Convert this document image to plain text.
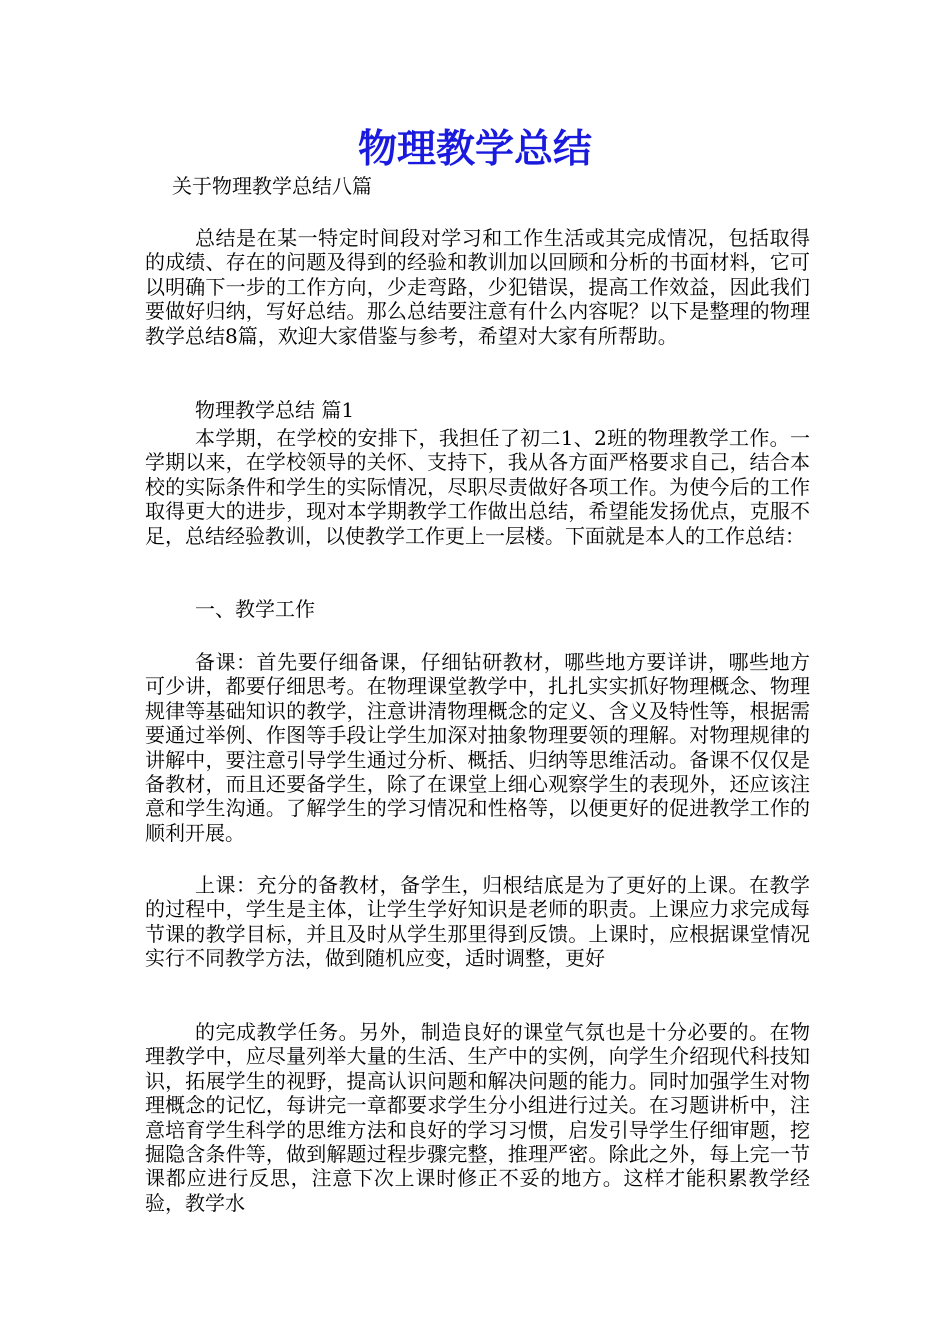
物理教学总结

关于物理教学总结八篇

总结是在某一特定时间段对学习和工作生活或其完成情况，包括取得的成绩、存在的问题及得到的经验和教训加以回顾和分析的书面材料，它可以明确下一步的工作方向，少走弯路，少犯错误，提高工作效益，因此我们要做好归纳，写好总结。那么总结要注意有什么内容呢？以下是整理的物理教学总结8篇，欢迎大家借鉴与参考，希望对大家有所帮助。

物理教学总结 篇1

本学期，在学校的安排下，我担任了初二1、2班的物理教学工作。一学期以来，在学校领导的关怀、支持下，我从各方面严格要求自己，结合本校的实际条件和学生的实际情况，尽职尽责做好各项工作。为使今后的工作取得更大的进步，现对本学期教学工作做出总结，希望能发扬优点，克服不足，总结经验教训，以使教学工作更上一层楼。下面就是本人的工作总结：

一、教学工作

备课：首先要仔细备课，仔细钻研教材，哪些地方要详讲，哪些地方可少讲，都要仔细思考。在物理课堂教学中，扎扎实实抓好物理概念、物理规律等基础知识的教学，注意讲清物理概念的定义、含义及特性等，根据需要通过举例、作图等手段让学生加深对抽象物理要领的理解。对物理规律的讲解中，要注意引导学生通过分析、概括、归纳等思维活动。备课不仅仅是备教材，而且还要备学生，除了在课堂上细心观察学生的表现外，还应该注意和学生沟通。了解学生的学习情况和性格等，以便更好的促进教学工作的顺利开展。

上课：充分的备教材，备学生，归根结底是为了更好的上课。在教学的过程中，学生是主体，让学生学好知识是老师的职责。上课应力求完成每节课的教学目标，并且及时从学生那里得到反馈。上课时，应根据课堂情况实行不同教学方法，做到随机应变，适时调整，更好

的完成教学任务。另外，制造良好的课堂气氛也是十分必要的。在物理教学中，应尽量列举大量的生活、生产中的实例，向学生介绍现代科技知识，拓展学生的视野，提高认识问题和解决问题的能力。同时加强学生对物理概念的记忆，每讲完一章都要求学生分小组进行过关。在习题讲析中，注意培育学生科学的思维方法和良好的学习习惯，启发引导学生仔细审题，挖掘隐含条件等，做到解题过程步骤完整，推理严密。除此之外，每上完一节课都应进行反思，注意下次上课时修正不妥的地方。这样才能积累教学经验，教学水
